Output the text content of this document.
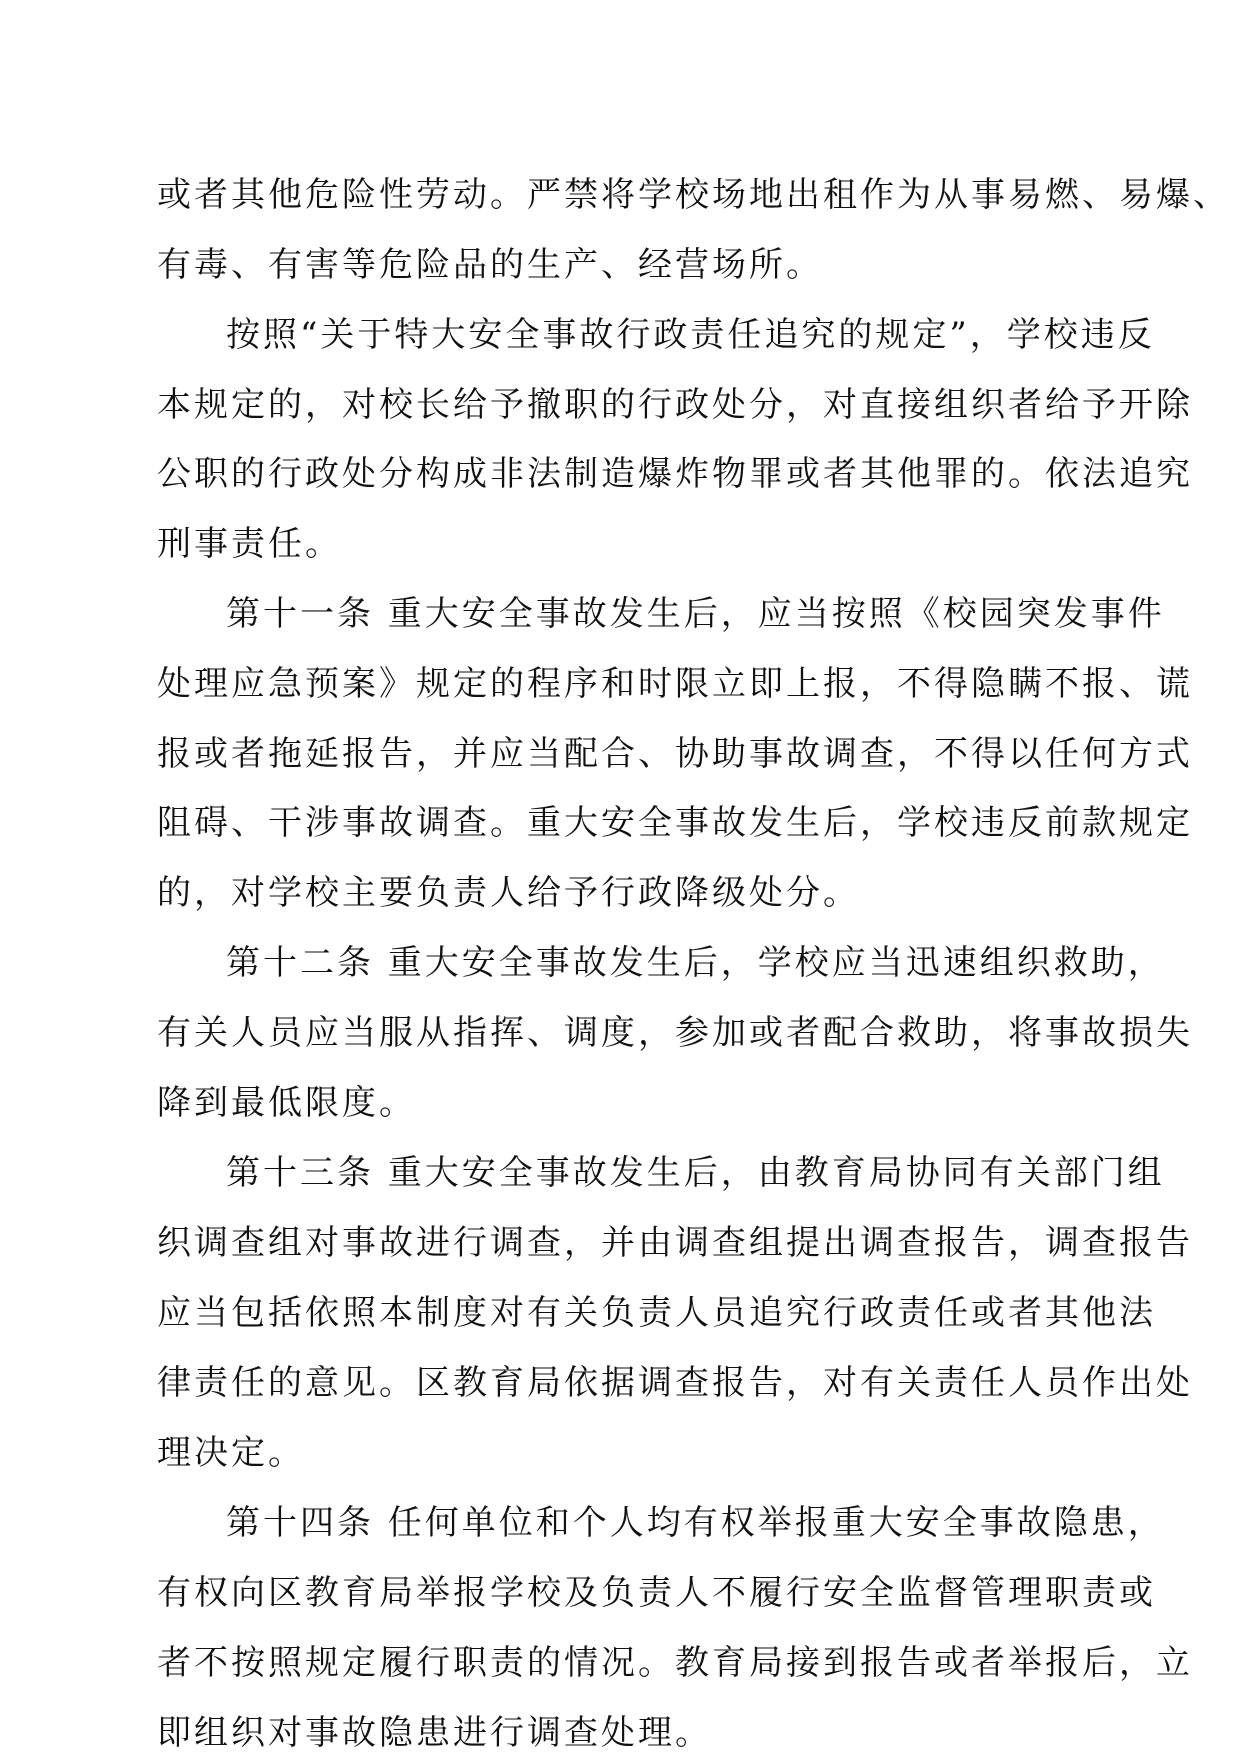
或者其他危险性劳动。严禁将学校场地出租作为从事易燃、易爆、
有毒、有害等危险品的生产、经营场所。
按照“关于特大安全事故行政责任追究的规定”，学校违反
本规定的，对校长给予撤职的行政处分，对直接组织者给予开除
公职的行政处分构成非法制造爆炸物罪或者其他罪的。依法追究
刑事责任。
第十一条 重大安全事故发生后，应当按照《校园突发事件
处理应急预案》规定的程序和时限立即上报，不得隐瞒不报、谎
报或者拖延报告，并应当配合、协助事故调查，不得以任何方式
阻碍、干涉事故调查。重大安全事故发生后，学校违反前款规定
的，对学校主要负责人给予行政降级处分。
第十二条 重大安全事故发生后，学校应当迅速组织救助，
有关人员应当服从指挥、调度，参加或者配合救助，将事故损失
降到最低限度。
第十三条 重大安全事故发生后，由教育局协同有关部门组
织调查组对事故进行调查，并由调查组提出调查报告，调查报告
应当包括依照本制度对有关负责人员追究行政责任或者其他法
律责任的意见。区教育局依据调查报告，对有关责任人员作出处
理决定。
第十四条 任何单位和个人均有权举报重大安全事故隐患，
有权向区教育局举报学校及负责人不履行安全监督管理职责或
者不按照规定履行职责的情况。教育局接到报告或者举报后，立
即组织对事故隐患进行调查处理。
